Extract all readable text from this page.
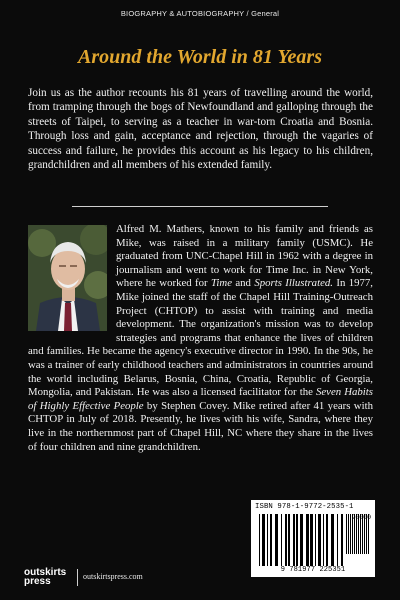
BIOGRAPHY & AUTOBIOGRAPHY / General
Around the World in 81 Years
Join us as the author recounts his 81 years of travelling around the world, from tramping through the bogs of Newfoundland and galloping through the streets of Taipei, to serving as a teacher in war-torn Croatia and Bosnia. Through loss and gain, acceptance and rejection, through the vagaries of success and failure, he provides this account as his legacy to his children, grandchildren and all members of his extended family.
Alfred M. Mathers, known to his family and friends as Mike, was raised in a military family (USMC). He graduated from UNC-Chapel Hill in 1962 with a degree in journalism and went to work for Time Inc. in New York, where he worked for Time and Sports Illustrated. In 1977, Mike joined the staff of the Chapel Hill Training-Outreach Project (CHTOP) to assist with training and media development. The organization's mission was to develop strategies and programs that enhance the lives of children and families. He became the agency's executive director in 1990. In the 90s, he was a trainer of early childhood teachers and administrators in countries around the world including Belarus, Bosnia, China, Croatia, Republic of Georgia, Mongolia, and Pakistan. He was also a licensed facilitator for the Seven Habits of Highly Effective People by Stephen Covey. Mike retired after 41 years with CHTOP in July of 2018. Presently, he lives with his wife, Sandra, where they live in the northernmost part of Chapel Hill, NC where they share in the lives of four children and nine grandchildren.
ISBN 978-1-9772-2535-1
90000
9 781977 225351
outskirts
press	outskirtspress.com
